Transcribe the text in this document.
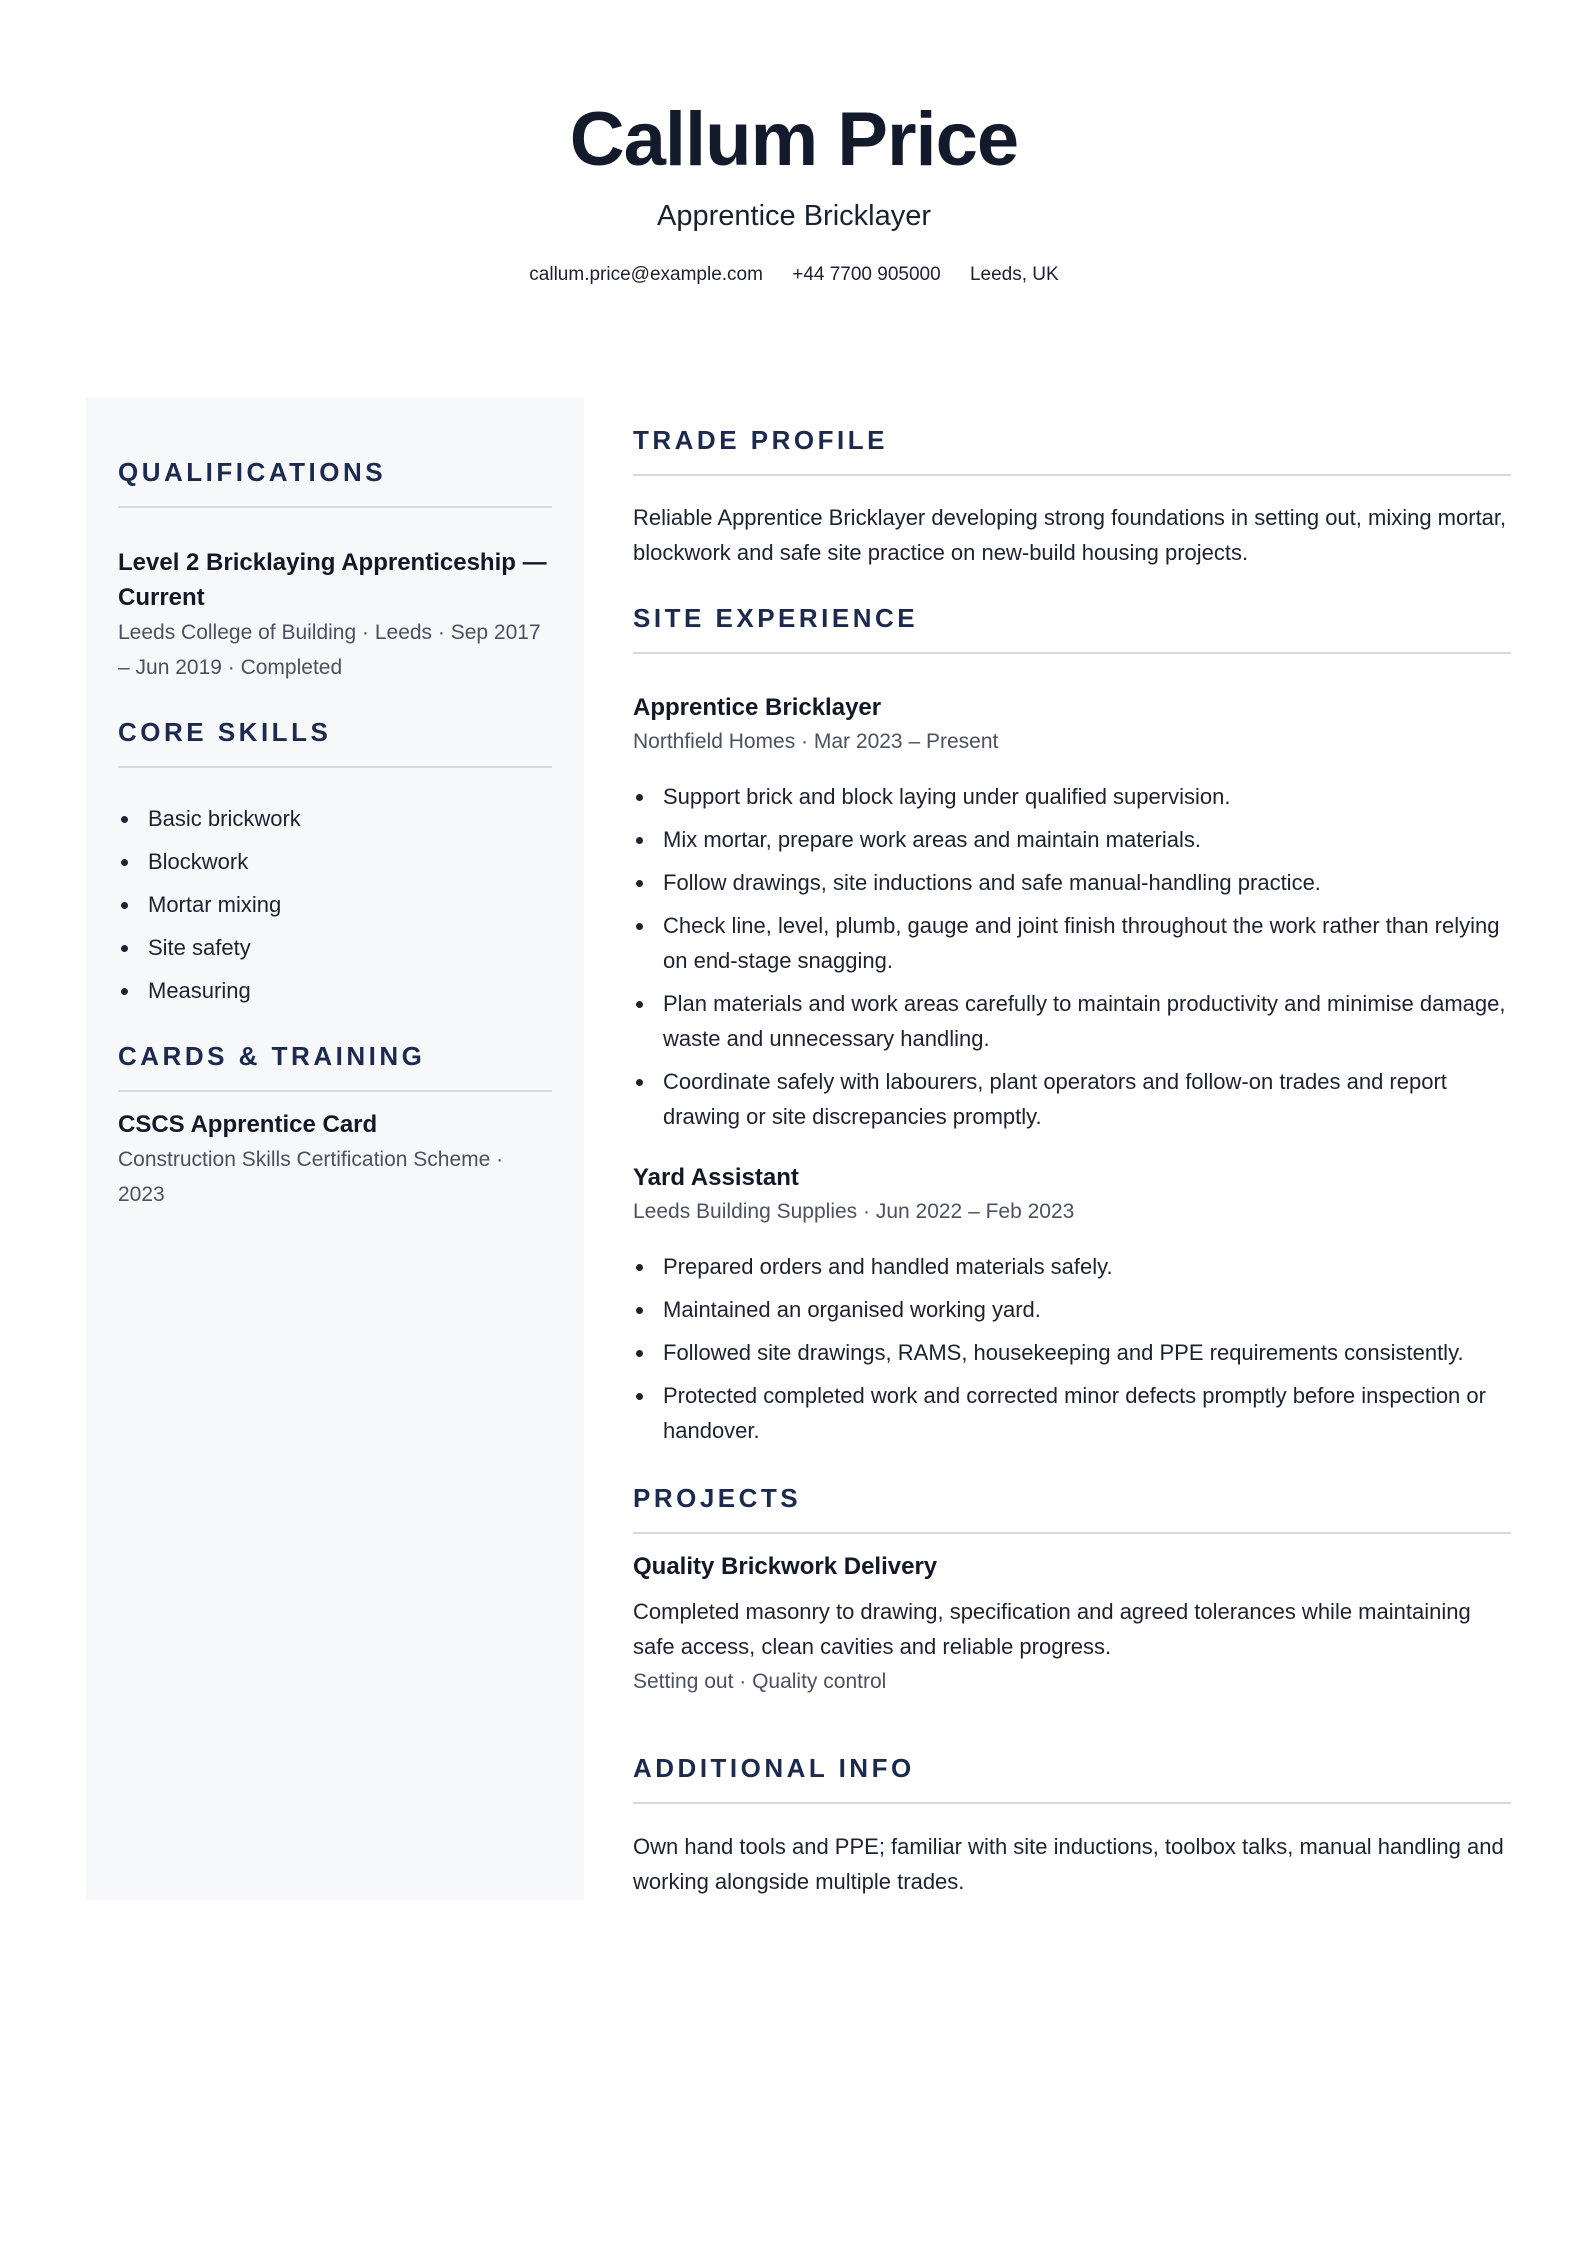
Callum Price
Apprentice Bricklayer
callum.price@example.com +44 7700 905000 Leeds, UK
QUALIFICATIONS
Level 2 Bricklaying Apprenticeship — Current
Leeds College of Building · Leeds · Sep 2017 – Jun 2019 · Completed
CORE SKILLS
Basic brickwork
Blockwork
Mortar mixing
Site safety
Measuring
CARDS & TRAINING
CSCS Apprentice Card
Construction Skills Certification Scheme · 2023
TRADE PROFILE
Reliable Apprentice Bricklayer developing strong foundations in setting out, mixing mortar, blockwork and safe site practice on new-build housing projects.
SITE EXPERIENCE
Apprentice Bricklayer
Northfield Homes · Mar 2023 – Present
Support brick and block laying under qualified supervision.
Mix mortar, prepare work areas and maintain materials.
Follow drawings, site inductions and safe manual-handling practice.
Check line, level, plumb, gauge and joint finish throughout the work rather than relying on end-stage snagging.
Plan materials and work areas carefully to maintain productivity and minimise damage, waste and unnecessary handling.
Coordinate safely with labourers, plant operators and follow-on trades and report drawing or site discrepancies promptly.
Yard Assistant
Leeds Building Supplies · Jun 2022 – Feb 2023
Prepared orders and handled materials safely.
Maintained an organised working yard.
Followed site drawings, RAMS, housekeeping and PPE requirements consistently.
Protected completed work and corrected minor defects promptly before inspection or handover.
PROJECTS
Quality Brickwork Delivery
Completed masonry to drawing, specification and agreed tolerances while maintaining safe access, clean cavities and reliable progress.
Setting out · Quality control
ADDITIONAL INFO
Own hand tools and PPE; familiar with site inductions, toolbox talks, manual handling and working alongside multiple trades.
